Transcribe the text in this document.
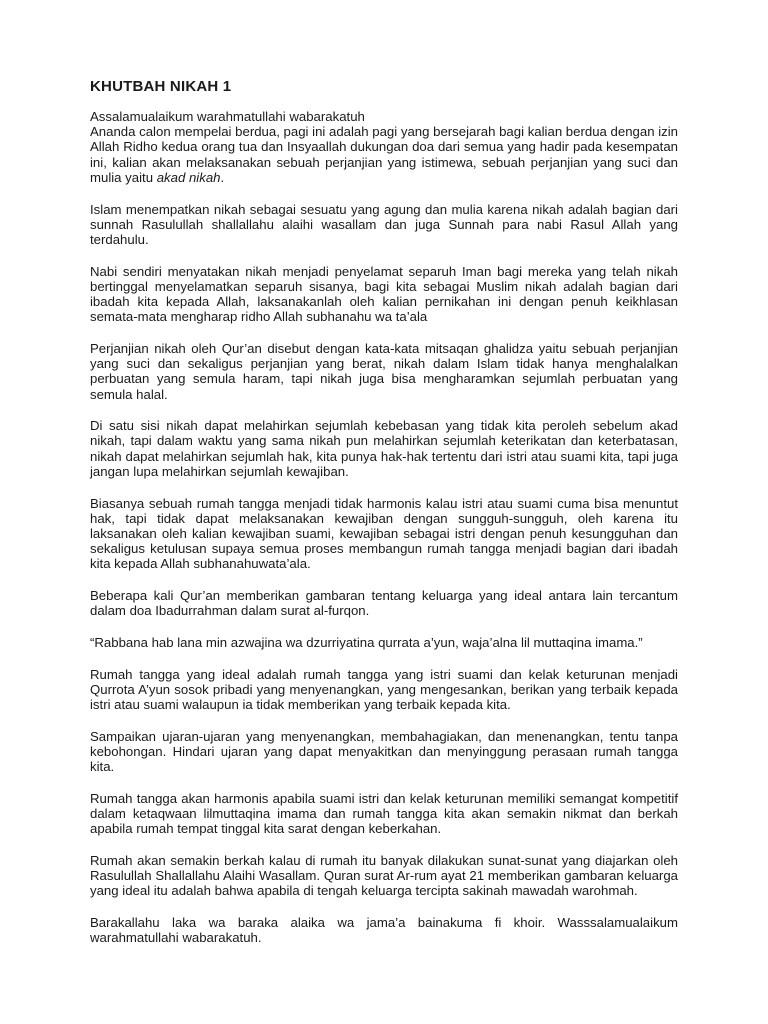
KHUTBAH NIKAH 1

Assalamualaikum warahmatullahi wabarakatuh

Ananda calon mempelai berdua, pagi ini adalah pagi yang bersejarah bagi kalian berdua dengan izin Allah Ridho kedua orang tua dan Insyaallah dukungan doa dari semua yang hadir pada kesempatan ini, kalian akan melaksanakan sebuah perjanjian yang istimewa, sebuah perjanjian yang suci dan mulia yaitu akad nikah.

Islam menempatkan nikah sebagai sesuatu yang agung dan mulia karena nikah adalah bagian dari sunnah Rasulullah shallallahu alaihi wasallam dan juga Sunnah para nabi Rasul Allah yang terdahulu.

Nabi sendiri menyatakan nikah menjadi penyelamat separuh Iman bagi mereka yang telah nikah bertinggal menyelamatkan separuh sisanya, bagi kita sebagai Muslim nikah adalah bagian dari ibadah kita kepada Allah, laksanakanlah oleh kalian pernikahan ini dengan penuh keikhlasan semata-mata mengharap ridho Allah subhanahu wa ta’ala

Perjanjian nikah oleh Qur’an disebut dengan kata-kata mitsaqan ghalidza yaitu sebuah perjanjian yang suci dan sekaligus perjanjian yang berat, nikah dalam Islam tidak hanya menghalalkan perbuatan yang semula haram, tapi nikah juga bisa mengharamkan sejumlah perbuatan yang semula halal.

Di satu sisi nikah dapat melahirkan sejumlah kebebasan yang tidak kita peroleh sebelum akad nikah, tapi dalam waktu yang sama nikah pun melahirkan sejumlah keterikatan dan keterbatasan, nikah dapat melahirkan sejumlah hak, kita punya hak-hak tertentu dari istri atau suami kita, tapi juga jangan lupa melahirkan sejumlah kewajiban.

Biasanya sebuah rumah tangga menjadi tidak harmonis kalau istri atau suami cuma bisa menuntut hak, tapi tidak dapat melaksanakan kewajiban dengan sungguh-sungguh, oleh karena itu laksanakan oleh kalian kewajiban suami, kewajiban sebagai istri dengan penuh kesungguhan dan sekaligus ketulusan supaya semua proses membangun rumah tangga menjadi bagian dari ibadah kita kepada Allah subhanahuwata’ala.

Beberapa kali Qur’an memberikan gambaran tentang keluarga yang ideal antara lain tercantum dalam doa Ibadurrahman dalam surat al-furqon.

“Rabbana hab lana min azwajina wa dzurriyatina qurrata a’yun, waja’alna lil muttaqina imama.”

Rumah tangga yang ideal adalah rumah tangga yang istri suami dan kelak keturunan menjadi Qurrota A’yun sosok pribadi yang menyenangkan, yang mengesankan, berikan yang terbaik kepada istri atau suami walaupun ia tidak memberikan yang terbaik kepada kita.

Sampaikan ujaran-ujaran yang menyenangkan, membahagiakan, dan menenangkan, tentu tanpa kebohongan. Hindari ujaran yang dapat menyakitkan dan menyinggung perasaan rumah tangga kita.

Rumah tangga akan harmonis apabila suami istri dan kelak keturunan memiliki semangat kompetitif dalam ketaqwaan lilmuttaqina imama dan rumah tangga kita akan semakin nikmat dan berkah apabila rumah tempat tinggal kita sarat dengan keberkahan.

Rumah akan semakin berkah kalau di rumah itu banyak dilakukan sunat-sunat yang diajarkan oleh Rasulullah Shallallahu Alaihi Wasallam. Quran surat Ar-rum ayat 21 memberikan gambaran keluarga yang ideal itu adalah bahwa apabila di tengah keluarga tercipta sakinah mawadah warohmah.

Barakallahu laka wa baraka alaika wa jama’a bainakuma fi khoir. Wasssalamualaikum warahmatullahi wabarakatuh.
